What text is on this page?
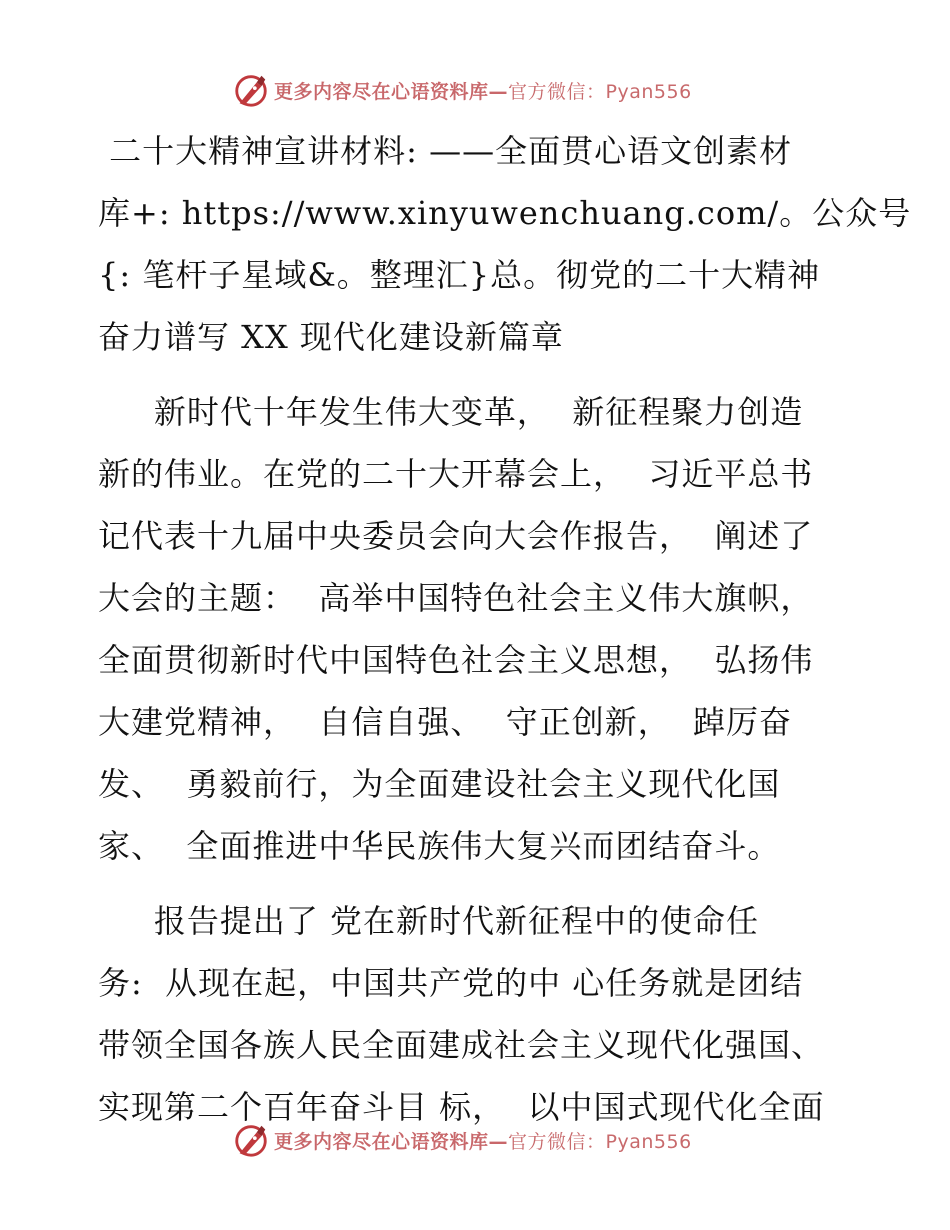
更多内容尽在心语资料库—官方微信：Pyan556
二十大精神宣讲材料: ——全面贯心语文创素材
库+: https://www.xinyuwenchuang.com/。公众号
{: 笔杆子星域&。整理汇}总。彻党的二十大精神
奋力谱写 XX 现代化建设新篇章
新时代十年发生伟大变革，  新征程聚力创造
新的伟业。在党的二十大开幕会上，  习近平总书
记代表十九届中央委员会向大会作报告，  阐述了
大会的主题：  高举中国特色社会主义伟大旗帜，
全面贯彻新时代中国特色社会主义思想，  弘扬伟
大建党精神，  自信自强、  守正创新，  踔厉奋
发、  勇毅前行，为全面建设社会主义现代化国
家、  全面推进中华民族伟大复兴而团结奋斗。
报告提出了 党在新时代新征程中的使命任
务:  从现在起，中国共产党的中 心任务就是团结
带领全国各族人民全面建成社会主义现代化强国、
实现第二个百年奋斗目 标，  以中国式现代化全面
更多内容尽在心语资料库—官方微信：Pyan556
